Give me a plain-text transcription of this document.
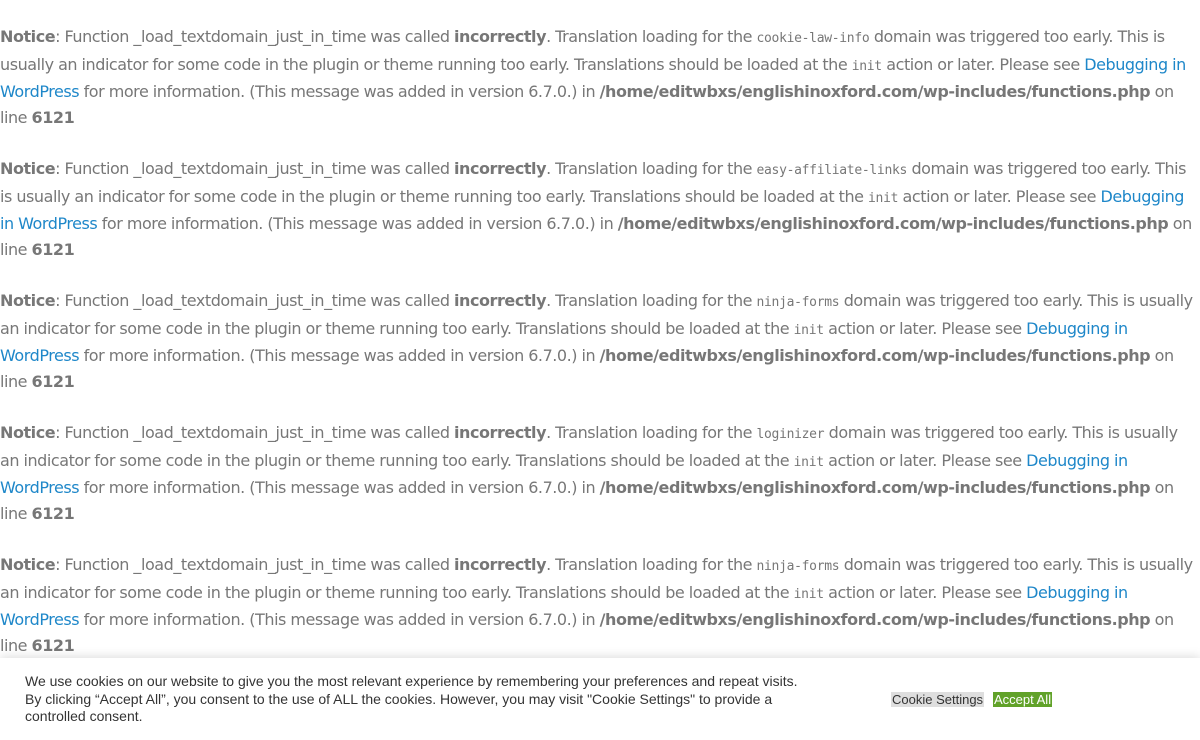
Notice: Function _load_textdomain_just_in_time was called incorrectly. Translation loading for the cookie-law-info domain was triggered too early. This is usually an indicator for some code in the plugin or theme running too early. Translations should be loaded at the init action or later. Please see Debugging in WordPress for more information. (This message was added in version 6.7.0.) in /home/editwbxs/englishinoxford.com/wp-includes/functions.php on line 6121

Notice: Function _load_textdomain_just_in_time was called incorrectly. Translation loading for the easy-affiliate-links domain was triggered too early. This is usually an indicator for some code in the plugin or theme running too early. Translations should be loaded at the init action or later. Please see Debugging in WordPress for more information. (This message was added in version 6.7.0.) in /home/editwbxs/englishinoxford.com/wp-includes/functions.php on line 6121

Notice: Function _load_textdomain_just_in_time was called incorrectly. Translation loading for the ninja-forms domain was triggered too early. This is usually an indicator for some code in the plugin or theme running too early. Translations should be loaded at the init action or later. Please see Debugging in WordPress for more information. (This message was added in version 6.7.0.) in /home/editwbxs/englishinoxford.com/wp-includes/functions.php on line 6121

Notice: Function _load_textdomain_just_in_time was called incorrectly. Translation loading for the loginizer domain was triggered too early. This is usually an indicator for some code in the plugin or theme running too early. Translations should be loaded at the init action or later. Please see Debugging in WordPress for more information. (This message was added in version 6.7.0.) in /home/editwbxs/englishinoxford.com/wp-includes/functions.php on line 6121

Notice: Function _load_textdomain_just_in_time was called incorrectly. Translation loading for the ninja-forms domain was triggered too early. This is usually an indicator for some code in the plugin or theme running too early. Translations should be loaded at the init action or later. Please see Debugging in WordPress for more information. (This message was added in version 6.7.0.) in /home/editwbxs/englishinoxford.com/wp-includes/functions.php on line 6121

We use cookies on our website to give you the most relevant experience by remembering your preferences and repeat visits. By clicking “Accept All”, you consent to the use of ALL the cookies. However, you may visit "Cookie Settings" to provide a controlled consent.
Cookie Settings Accept All
